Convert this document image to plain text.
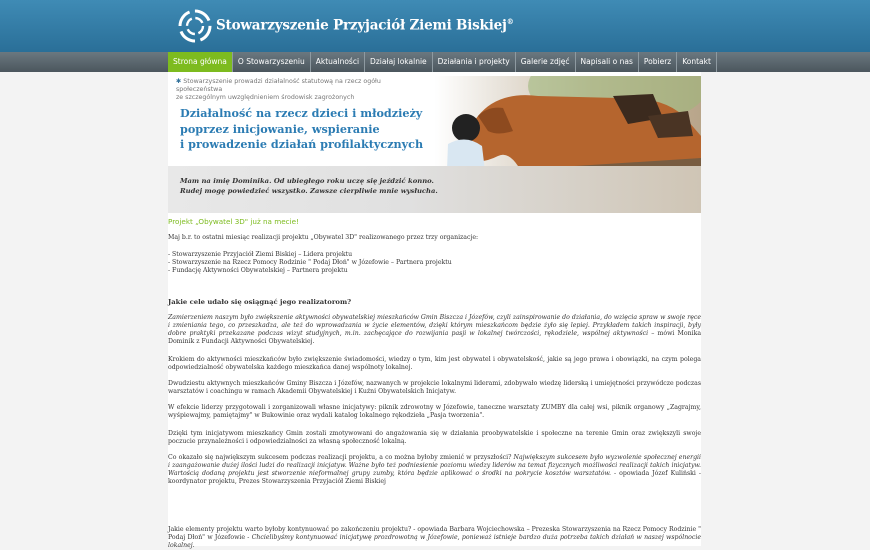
Stowarzyszenie Przyjaciół Ziemi Biskiej®
Strona główna	O Stowarzyszeniu	Aktualności	Działaj lokalnie	Działania i projekty	Galerie zdjęć	Napisali o nas	Pobierz	Kontakt
✱ Stowarzyszenie prowadzi działalność statutową na rzecz ogółu społeczeństwa
ze szczególnym uwzględnieniem środowisk zagrożonych
Działalność na rzecz dzieci i młodzieży
poprzez inicjowanie, wspieranie
i prowadzenie działań profilaktycznych
Mam na imię Dominika. Od ubiegłego roku uczę się jeździć konno.
Rudej mogę powiedzieć wszystko. Zawsze cierpliwie mnie wysłucha.
Projekt „Obywatel 3D" już na mecie!
Maj b.r. to ostatni miesiąc realizacji projektu „Obywatel 3D" realizowanego przez trzy organizacje:
- Stowarzyszenie Przyjaciół Ziemi Biskiej – Lidera projektu
- Stowarzyszenie na Rzecz Pomocy Rodzinie " Podaj Dłoń" w Józefowie – Partnera projektu
- Fundację Aktywności Obywatelskiej – Partnera projektu
Jakie cele udało się osiągnąć jego realizatorom?
Zamierzeniem naszym było zwiększenie aktywności obywatelskiej mieszkańców Gmin Biszcza i Józefów, czyli zainspirowanie do działania, do wzięcia spraw w swoje ręce i zmieniania tego, co przeszkadza, ale też do wprowadzania w życie elementów, dzięki którym mieszkańcom będzie żyło się lepiej. Przykładem takich inspiracji, były dobre praktyki przekazane podczas wizyt studyjnych, m.in. zachęcające do rozwijania pasji w lokalnej twórczości, rękodziele, wspólnej aktywności – mówi Monika Dominik z Fundacji Aktywności Obywatelskiej.
Krokiem do aktywności mieszkańców było zwiększenie świadomości, wiedzy o tym, kim jest obywatel i obywatelskość, jakie są jego prawa i obowiązki, na czym polega odpowiedzialność obywatelska każdego mieszkańca danej wspólnoty lokalnej.
Dwudziestu aktywnych mieszkańców Gminy Biszcza i Józefów, nazwanych w projekcie lokalnymi liderami, zdobywało wiedzę liderską i umiejętności przywódcze podczas warsztatów i coachingu w ramach Akademii Obywatelskiej i Kuźni Obywatelskich Inicjatyw.
W efekcie liderzy przygotowali i zorganizowali własne inicjatywy: piknik zdrowotny w Józefowie, taneczne warsztaty ZUMBY dla całej wsi, piknik organowy „Zagrajmy, wyśpiewajmy, pamiętajmy" w Bukowinie oraz wydali katalog lokalnego rękodzieła „Pasja tworzenia".
Dzięki tym inicjatywom mieszkańcy Gmin zostali zmotywowani do angażowania się w działania proobywatelskie i społeczne na terenie Gmin oraz zwiększyli swoje poczucie przynależności i odpowiedzialności za własną społeczność lokalną.
Co okazało się największym sukcesem podczas realizacji projektu, a co można byłoby zmienić w przyszłości? Największym sukcesem było wyzwolenie społecznej energii i zaangażowanie dużej ilości ludzi do realizacji inicjatyw. Ważne było też podniesienie poziomu wiedzy liderów na temat fizycznych możliwości realizacji takich inicjatyw. Wartością dodaną projektu jest stworzenie nieformalnej grupy zumby, która będzie aplikować o środki na pokrycie kosztów warsztatów. - opowiada Józef Kuliński - koordynator projektu, Prezes Stowarzyszenia Przyjaciół Ziemi Biskiej
Jakie elementy projektu warto byłoby kontynuować po zakończeniu projektu? - opowiada Barbara Wojciechowska – Prezeska Stowarzyszenia na Rzecz Pomocy Rodzinie " Podaj Dłoń" w Józefowie - Chcielibyśmy kontynuować inicjatywę prozdrowotną w Józefowie, ponieważ istnieje bardzo duża potrzeba takich działań w naszej wspólnocie lokalnej.
